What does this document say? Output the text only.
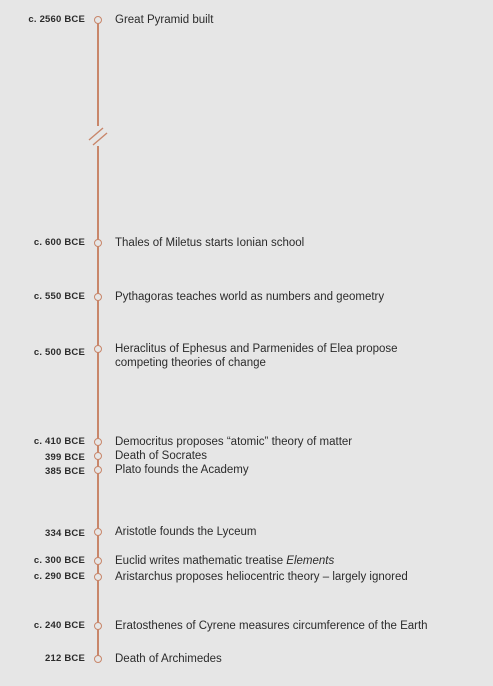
c. 2560 BCE	Great Pyramid built
c. 600 BCE	Thales of Miletus starts Ionian school
c. 550 BCE	Pythagoras teaches world as numbers and geometry
c. 500 BCE	Heraclitus of Ephesus and Parmenides of Elea propose competing theories of change
c. 410 BCE	Democritus proposes “atomic” theory of matter
399 BCE	Death of Socrates
385 BCE	Plato founds the Academy
334 BCE	Aristotle founds the Lyceum
c. 300 BCE	Euclid writes mathematic treatise Elements
c. 290 BCE	Aristarchus proposes heliocentric theory – largely ignored
c. 240 BCE	Eratosthenes of Cyrene measures circumference of the Earth
212 BCE	Death of Archimedes
